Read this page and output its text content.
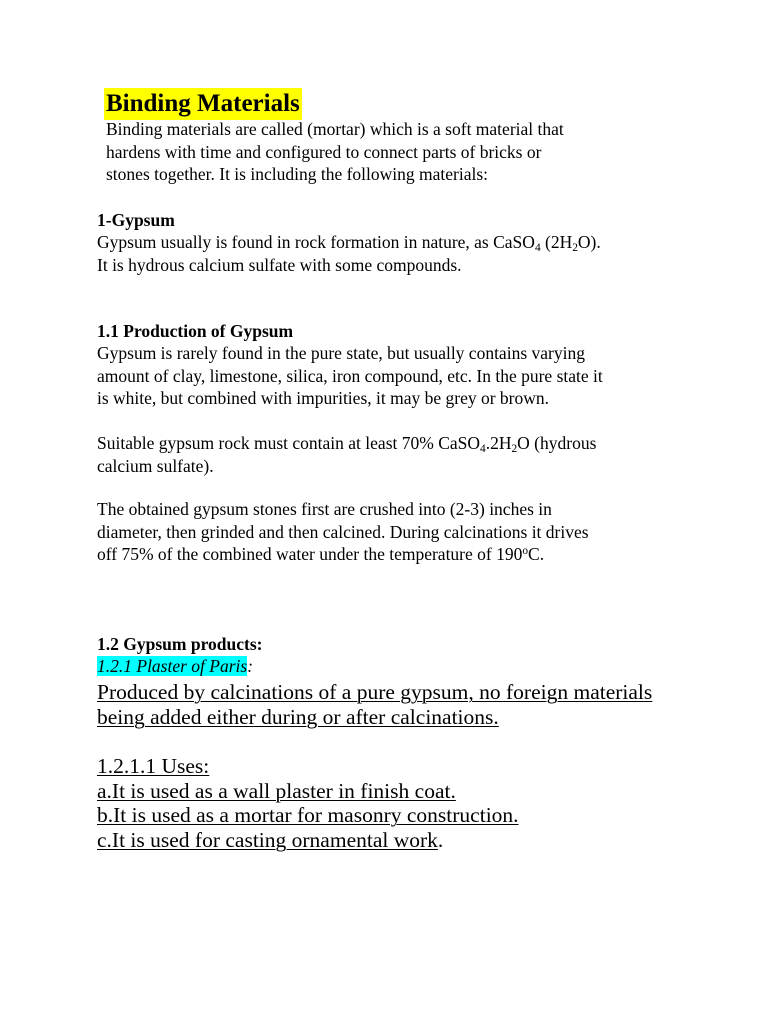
Binding Materials
Binding materials are called (mortar) which is a soft material that
hardens with time and configured to connect parts of bricks or
stones together. It is including the following materials:
1-Gypsum
Gypsum usually is found in rock formation in nature, as CaSO$_4$ $(2H_2O)$.
It is hydrous calcium sulfate with some compounds.
1.1 Production of Gypsum
Gypsum is rarely found in the pure state, but usually contains varying
amount of clay, limestone, silica, iron compound, etc. In the pure state it
is white, but combined with impurities, it may be grey or brown.
Suitable gypsum rock must contain at least 70% $CaSO_4.2H_2O$ (hydrous
calcium sulfate).
The obtained gypsum stones first are crushed into (2-3) inches in
diameter, then grinded and then calcined. During calcinations it drives
off 75% of the combined water under the temperature of 190$^o$C.
1.2 Gypsum products:
1.2.1 Plaster of Paris:
Produced by calcinations of a pure gypsum, no foreign materials
being added either during or after calcinations.
1.2.1.1 Uses:
a.It is used as a wall plaster in finish coat.
b.It is used as a mortar for masonry construction.
c.It is used for casting ornamental work.
